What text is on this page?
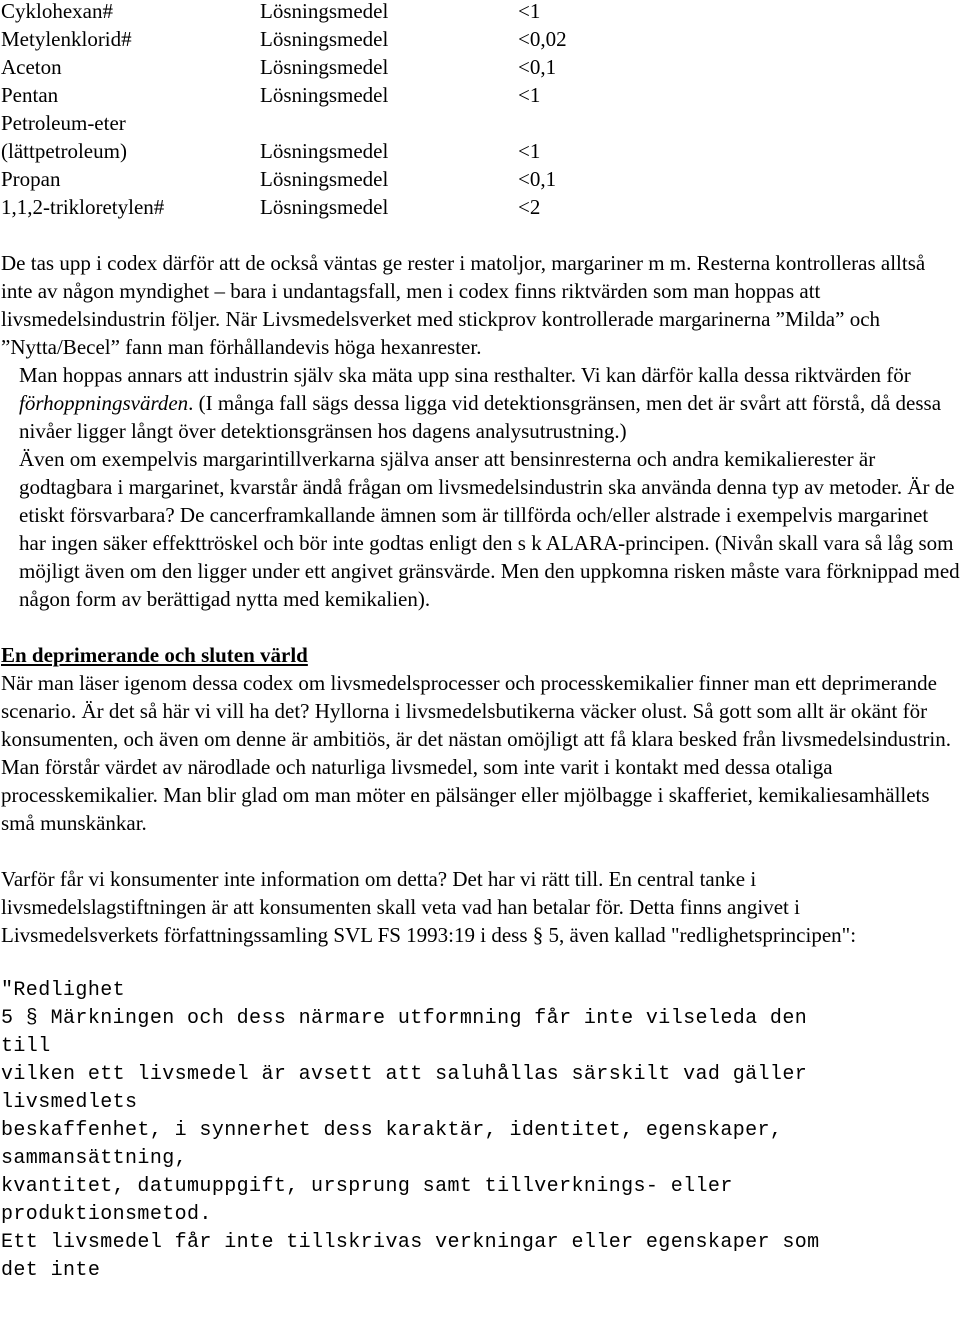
Cyklohexan#	Lösningsmedel	<1
Metylenklorid#	Lösningsmedel	<0,02
Aceton	Lösningsmedel	<0,1
Pentan	Lösningsmedel	<1
Petroleum-eter
(lättpetroleum)	Lösningsmedel	<1
Propan	Lösningsmedel	<0,1
1,1,2-trikloretylen#	Lösningsmedel	<2

De tas upp i codex därför att de också väntas ge rester i matoljor, margariner m m. Resterna kontrolleras alltså inte av någon myndighet – bara i undantagsfall, men i codex finns riktvärden som man hoppas att livsmedelsindustrin följer. När Livsmedelsverket med stickprov kontrollerade margarinerna ”Milda” och ”Nytta/Becel” fann man förhållandevis höga hexanrester.

Man hoppas annars att industrin själv ska mäta upp sina resthalter. Vi kan därför kalla dessa riktvärden för förhoppningsvärden. (I många fall sägs dessa ligga vid detektionsgränsen, men det är svårt att förstå, då dessa nivåer ligger långt över detektionsgränsen hos dagens analysutrustning.)

Även om exempelvis margarintillverkarna själva anser att bensinresterna och andra kemikalierester är godtagbara i margarinet, kvarstår ändå frågan om livsmedelsindustrin ska använda denna typ av metoder. Är de etiskt försvarbara? De cancerframkallande ämnen som är tillförda och/eller alstrade i exempelvis margarinet har ingen säker effekttröskel och bör inte godtas enligt den s k ALARA-principen. (Nivån skall vara så låg som möjligt även om den ligger under ett angivet gränsvärde. Men den uppkomna risken måste vara förknippad med någon form av berättigad nytta med kemikalien).

En deprimerande och sluten värld

När man läser igenom dessa codex om livsmedelsprocesser och processkemikalier finner man ett deprimerande scenario. Är det så här vi vill ha det? Hyllorna i livsmedelsbutikerna väcker olust. Så gott som allt är okänt för konsumenten, och även om denne är ambitiös, är det nästan omöjligt att få klara besked från livsmedelsindustrin. Man förstår värdet av närodlade och naturliga livsmedel, som inte varit i kontakt med dessa otaliga processkemikalier. Man blir glad om man möter en pälsänger eller mjölbagge i skafferiet, kemikaliesamhällets små munskänkar.

Varför får vi konsumenter inte information om detta? Det har vi rätt till. En central tanke i livsmedelslagstiftningen är att konsumenten skall veta vad han betalar för. Detta finns angivet i Livsmedelsverkets författningssamling SVL FS 1993:19 i dess § 5, även kallad "redlighetsprincipen":

"Redlighet
5 § Märkningen och dess närmare utformning får inte vilseleda den
till
vilken ett livsmedel är avsett att saluhållas särskilt vad gäller
livsmedlets
beskaffenhet, i synnerhet dess karaktär, identitet, egenskaper,
sammansättning,
kvantitet, datumuppgift, ursprung samt tillverknings- eller
produktionsmetod.
Ett livsmedel får inte tillskrivas verkningar eller egenskaper som
det inte
